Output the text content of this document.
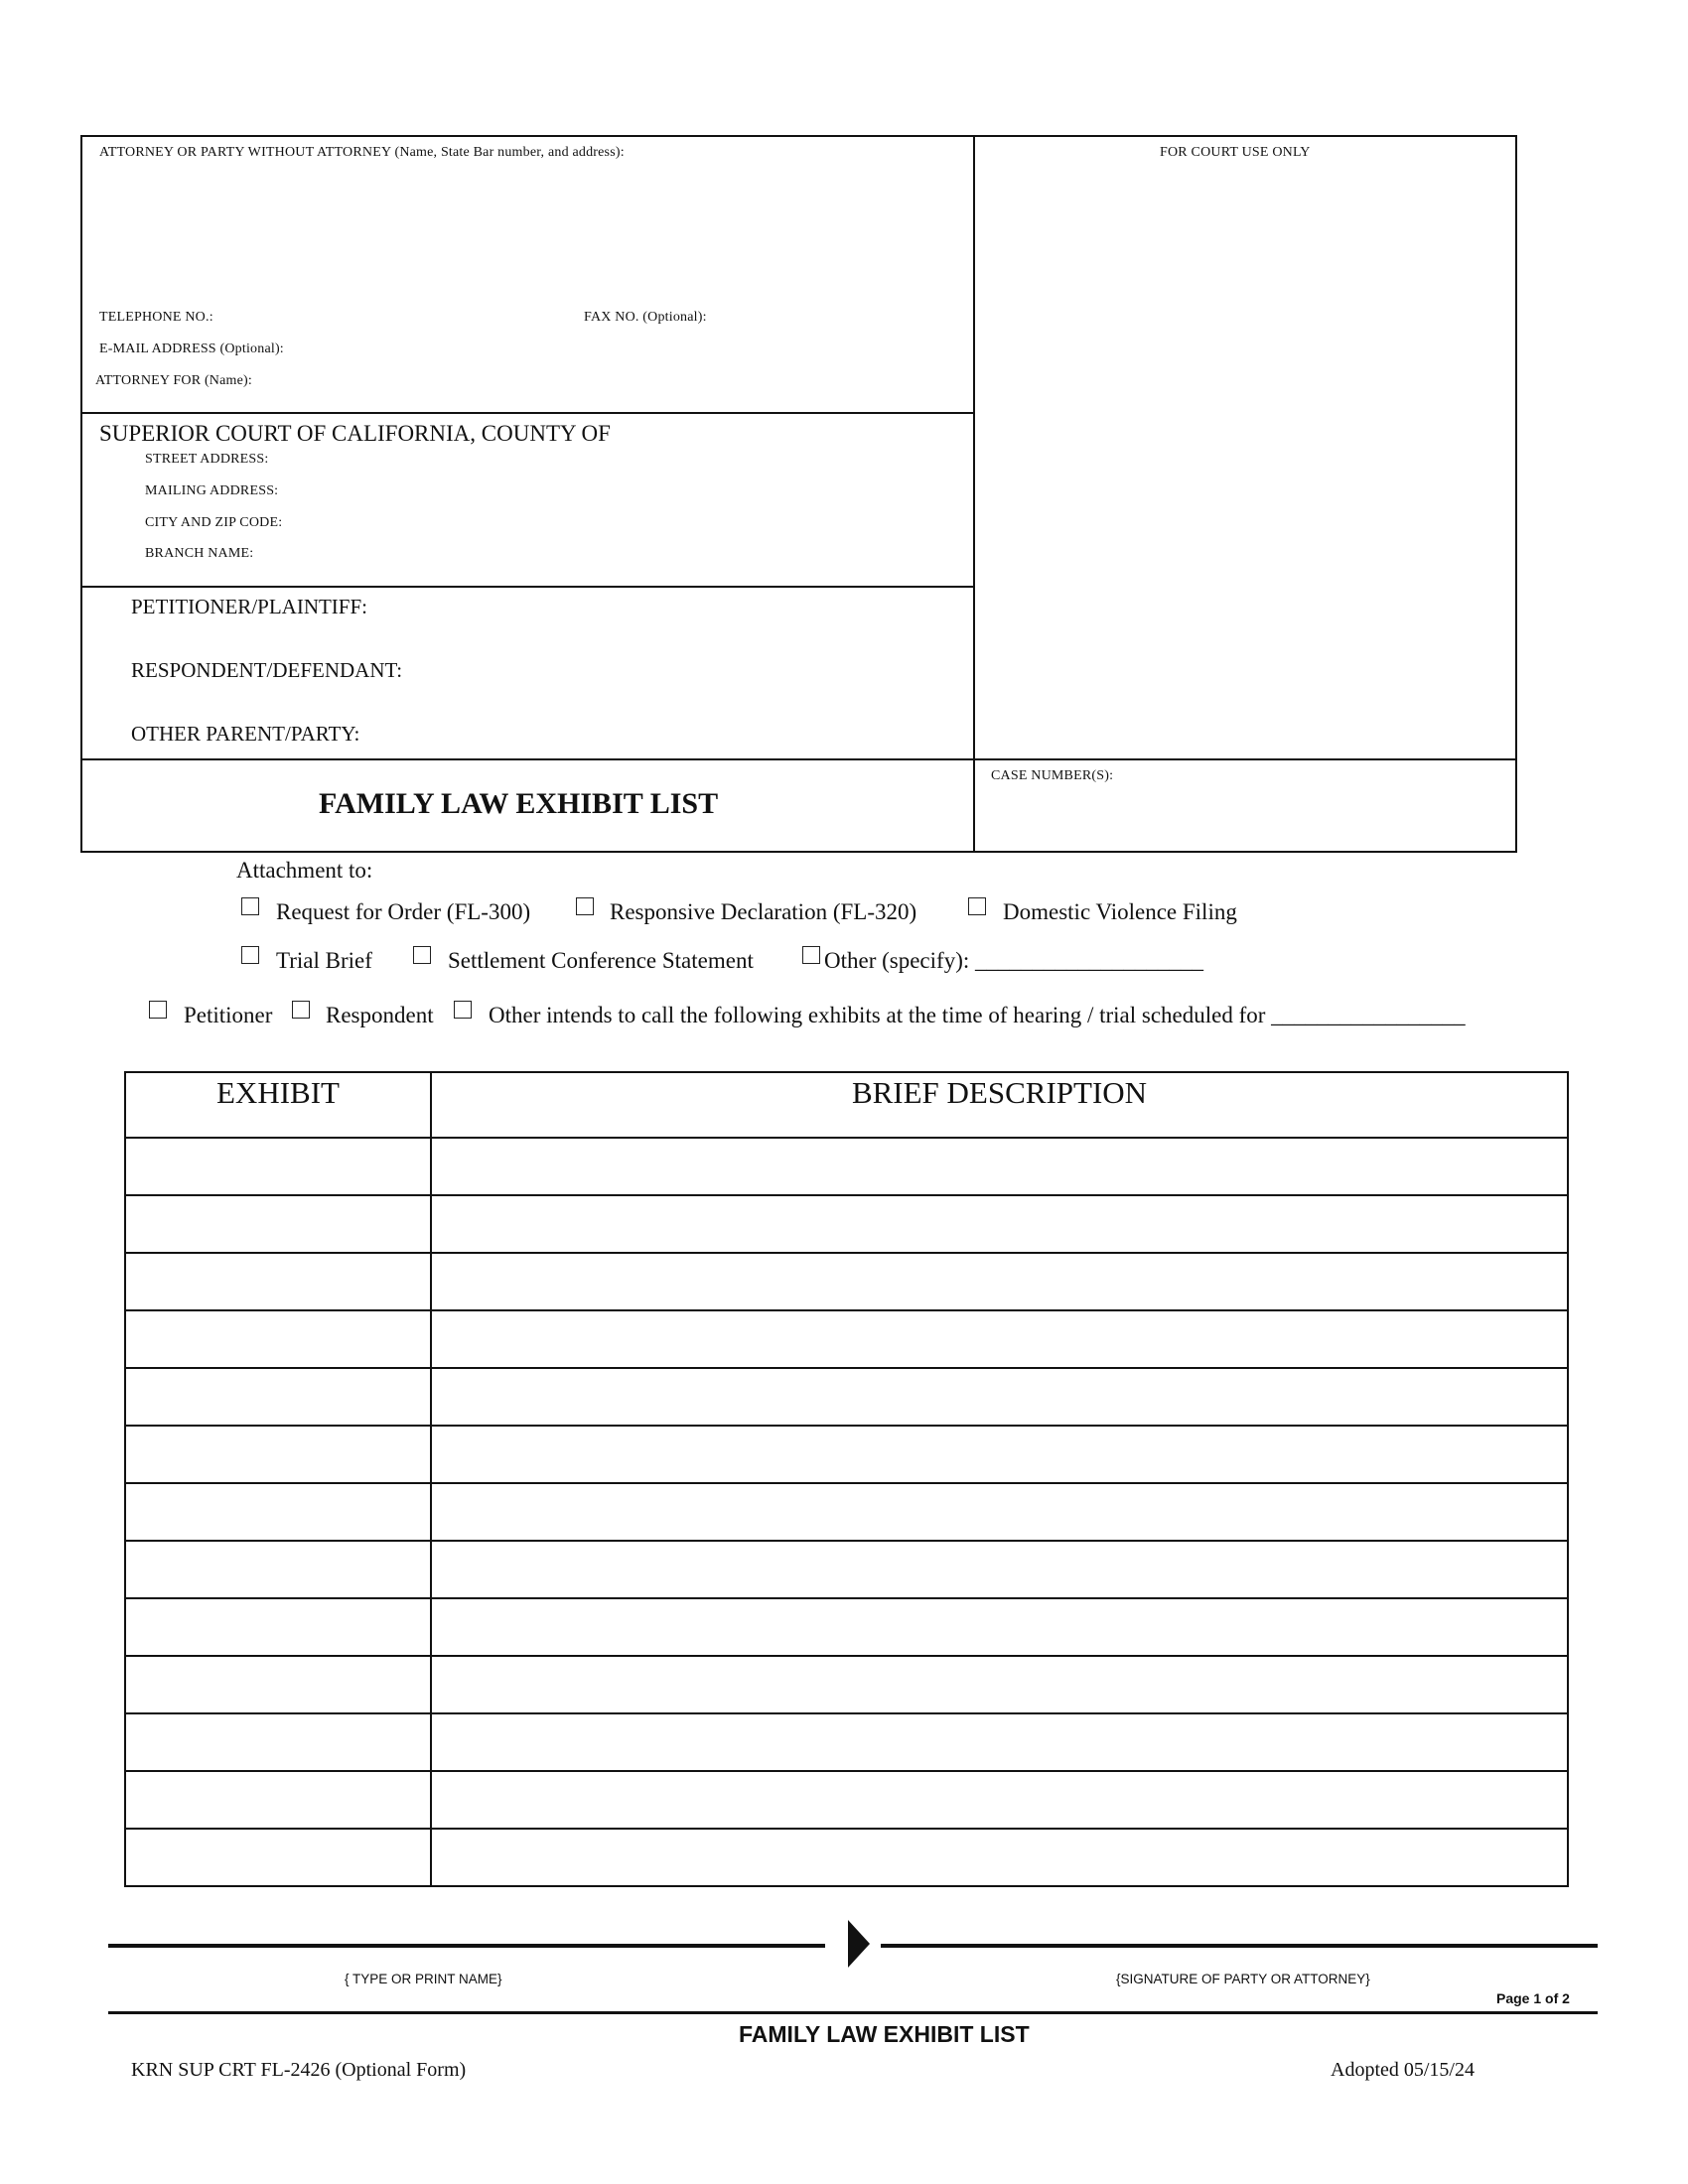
ATTORNEY OR PARTY WITHOUT ATTORNEY (Name, State Bar number, and address):	FOR COURT USE ONLY
TELEPHONE NO.:	FAX NO. (Optional):
E-MAIL ADDRESS (Optional):
ATTORNEY FOR (Name):
SUPERIOR COURT OF CALIFORNIA, COUNTY OF
STREET ADDRESS:
MAILING ADDRESS:
CITY AND ZIP CODE:
BRANCH NAME:
PETITIONER/PLAINTIFF:
RESPONDENT/DEFENDANT:
OTHER PARENT/PARTY:
FAMILY LAW EXHIBIT LIST
CASE NUMBER(S):
Attachment to:
Request for Order (FL-300)	Responsive Declaration (FL-320)	Domestic Violence Filing
Trial Brief	Settlement Conference Statement	Other (specify): ____________________
Petitioner Respondent Other intends to call the following exhibits at the time of hearing / trial scheduled for _________________
EXHIBIT	BRIEF DESCRIPTION

{ TYPE OR PRINT NAME}	{SIGNATURE OF PARTY OR ATTORNEY}
Page 1 of 2
FAMILY LAW EXHIBIT LIST
KRN SUP CRT FL-2426 (Optional Form)	Adopted 05/15/24
